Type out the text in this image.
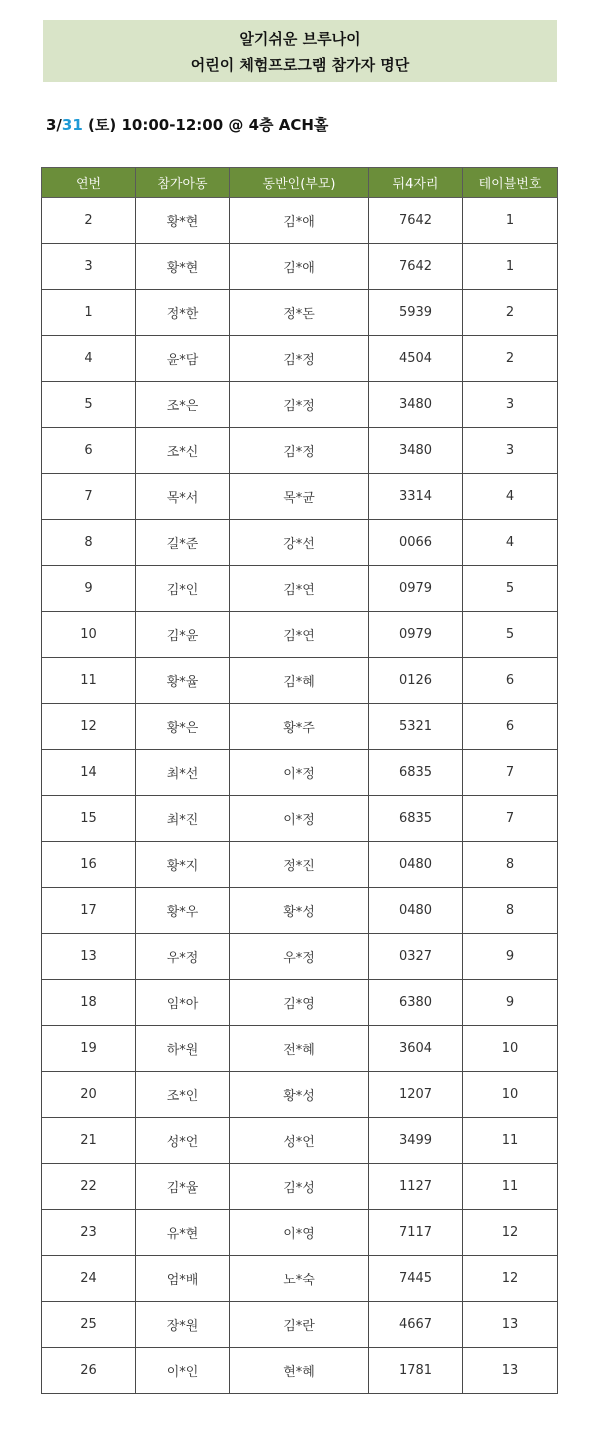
알기쉬운 브루나이
어린이 체험프로그램 참가자 명단
3/31 (토) 10:00-12:00 @ 4층 ACH홀
연번	참가아동	동반인(부모)	뒤4자리	테이블번호
2	황*현	김*애	7642	1
3	황*현	김*애	7642	1
1	정*한	정*돈	5939	2
4	윤*담	김*정	4504	2
5	조*은	김*정	3480	3
6	조*신	김*정	3480	3
7	목*서	목*균	3314	4
8	길*준	강*선	0066	4
9	김*인	김*연	0979	5
10	김*윤	김*연	0979	5
11	황*율	김*혜	0126	6
12	황*은	황*주	5321	6
14	최*선	이*정	6835	7
15	최*진	이*정	6835	7
16	황*지	정*진	0480	8
17	황*우	황*성	0480	8
13	우*정	우*정	0327	9
18	임*아	김*영	6380	9
19	하*원	전*혜	3604	10
20	조*인	황*성	1207	10
21	성*언	성*언	3499	11
22	김*율	김*성	1127	11
23	유*현	이*영	7117	12
24	엄*배	노*숙	7445	12
25	장*원	김*란	4667	13
26	이*인	현*혜	1781	13
